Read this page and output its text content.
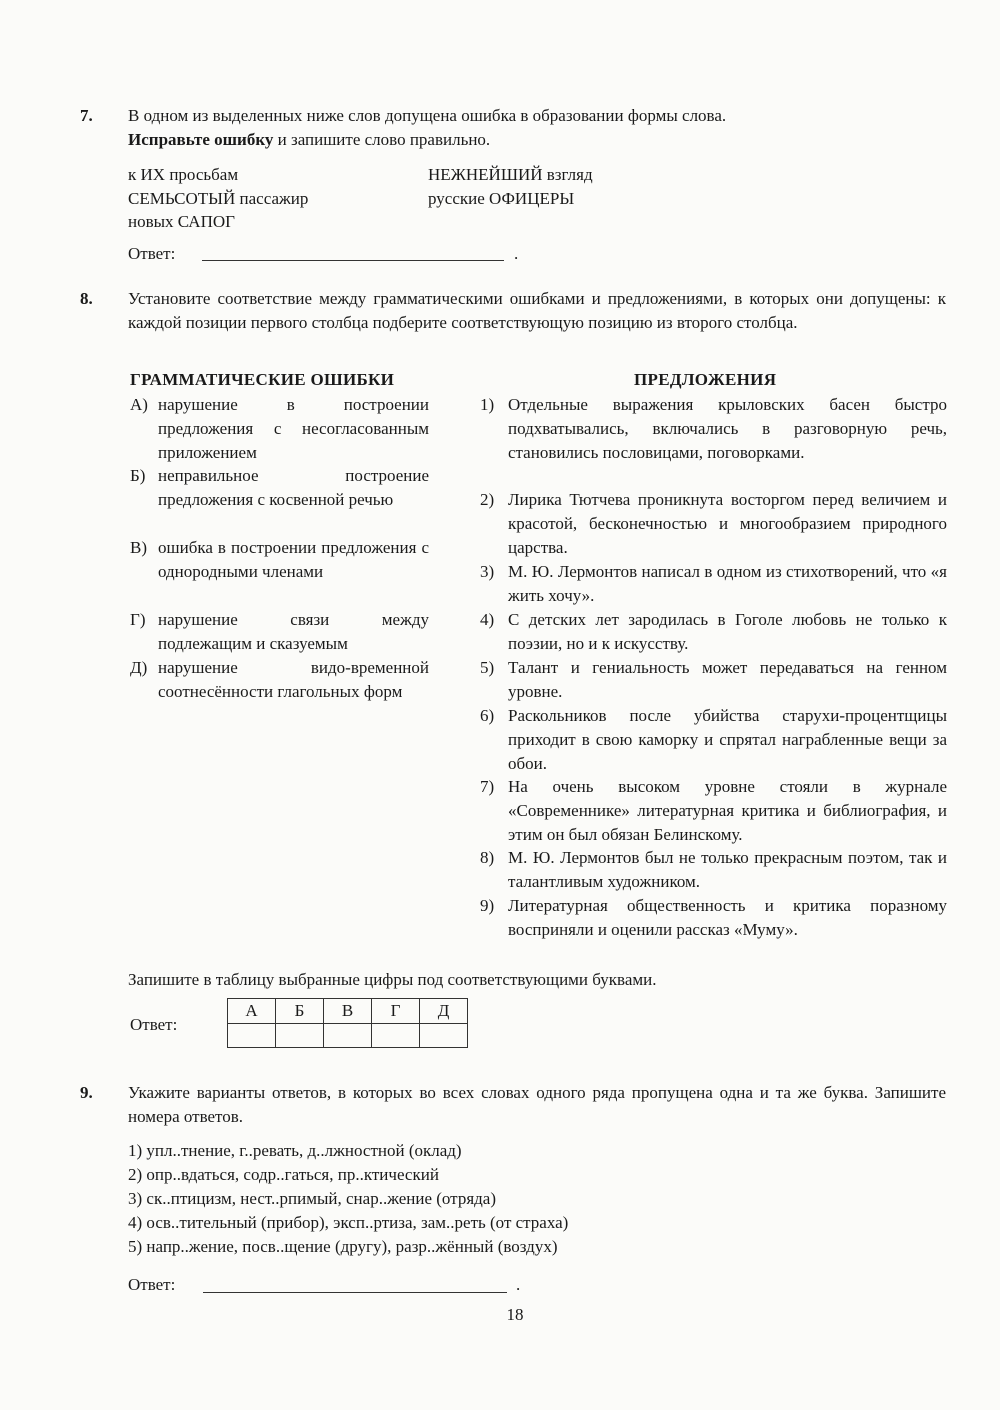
7. В одном из выделенных ниже слов допущена ошибка в образовании формы слова.
Исправьте ошибку и запишите слово правильно.
к ИХ просьбам
СЕМЬСОТЫЙ пассажир
новых САПОГ
НЕЖНЕЙШИЙ взгляд
русские ОФИЦЕРЫ
Ответ:	.
8. Установите соответствие между грамматическими ошибками и предложениями, в которых они допущены: к каждой позиции первого столбца подберите соответствующую позицию из второго столбца.
ГРАММАТИЧЕСКИЕ ОШИБКИ	ПРЕДЛОЖЕНИЯ
А) нарушение в построении предложения с несогласованным приложением
Б) неправильное построение предложения с косвенной речью
В) ошибка в построении предложения с однородными членами
Г) нарушение связи между подлежащим и сказуемым
Д) нарушение видо-временной соотнесённости глагольных форм
1) Отдельные выражения крыловских басен быстро подхватывались, включались в разговорную речь, становились пословицами, поговорками.
2) Лирика Тютчева проникнута восторгом перед величием и красотой, бесконечностью и многообразием природного царства.
3) М. Ю. Лермонтов написал в одном из стихотворений, что «я жить хочу».
4) С детских лет зародилась в Гоголе любовь не только к поэзии, но и к искусству.
5) Талант и гениальность может передаваться на генном уровне.
6) Раскольников после убийства старухи-процентщицы приходит в свою каморку и спрятал награбленные вещи за обои.
7) На очень высоком уровне стояли в журнале «Современнике» литературная критика и библиография, и этим он был обязан Белинскому.
8) М. Ю. Лермонтов был не только прекрасным поэтом, так и талантливым художником.
9) Литературная общественность и критика поразному восприняли и оценили рассказ «Муму».
Запишите в таблицу выбранные цифры под соответствующими буквами.
Ответ:
А	Б	В	Г	Д

9. Укажите варианты ответов, в которых во всех словах одного ряда пропущена одна и та же буква. Запишите номера ответов.
1) упл..тнение, г..ревать, д..лжностной (оклад)
2) опр..вдаться, содр..гаться, пр..ктический
3) ск..птицизм, нест..рпимый, снар..жение (отряда)
4) осв..тительный (прибор), эксп..ртиза, зам..реть (от страха)
5) напр..жение, посв..щение (другу), разр..жённый (воздух)
Ответ:	.
18
